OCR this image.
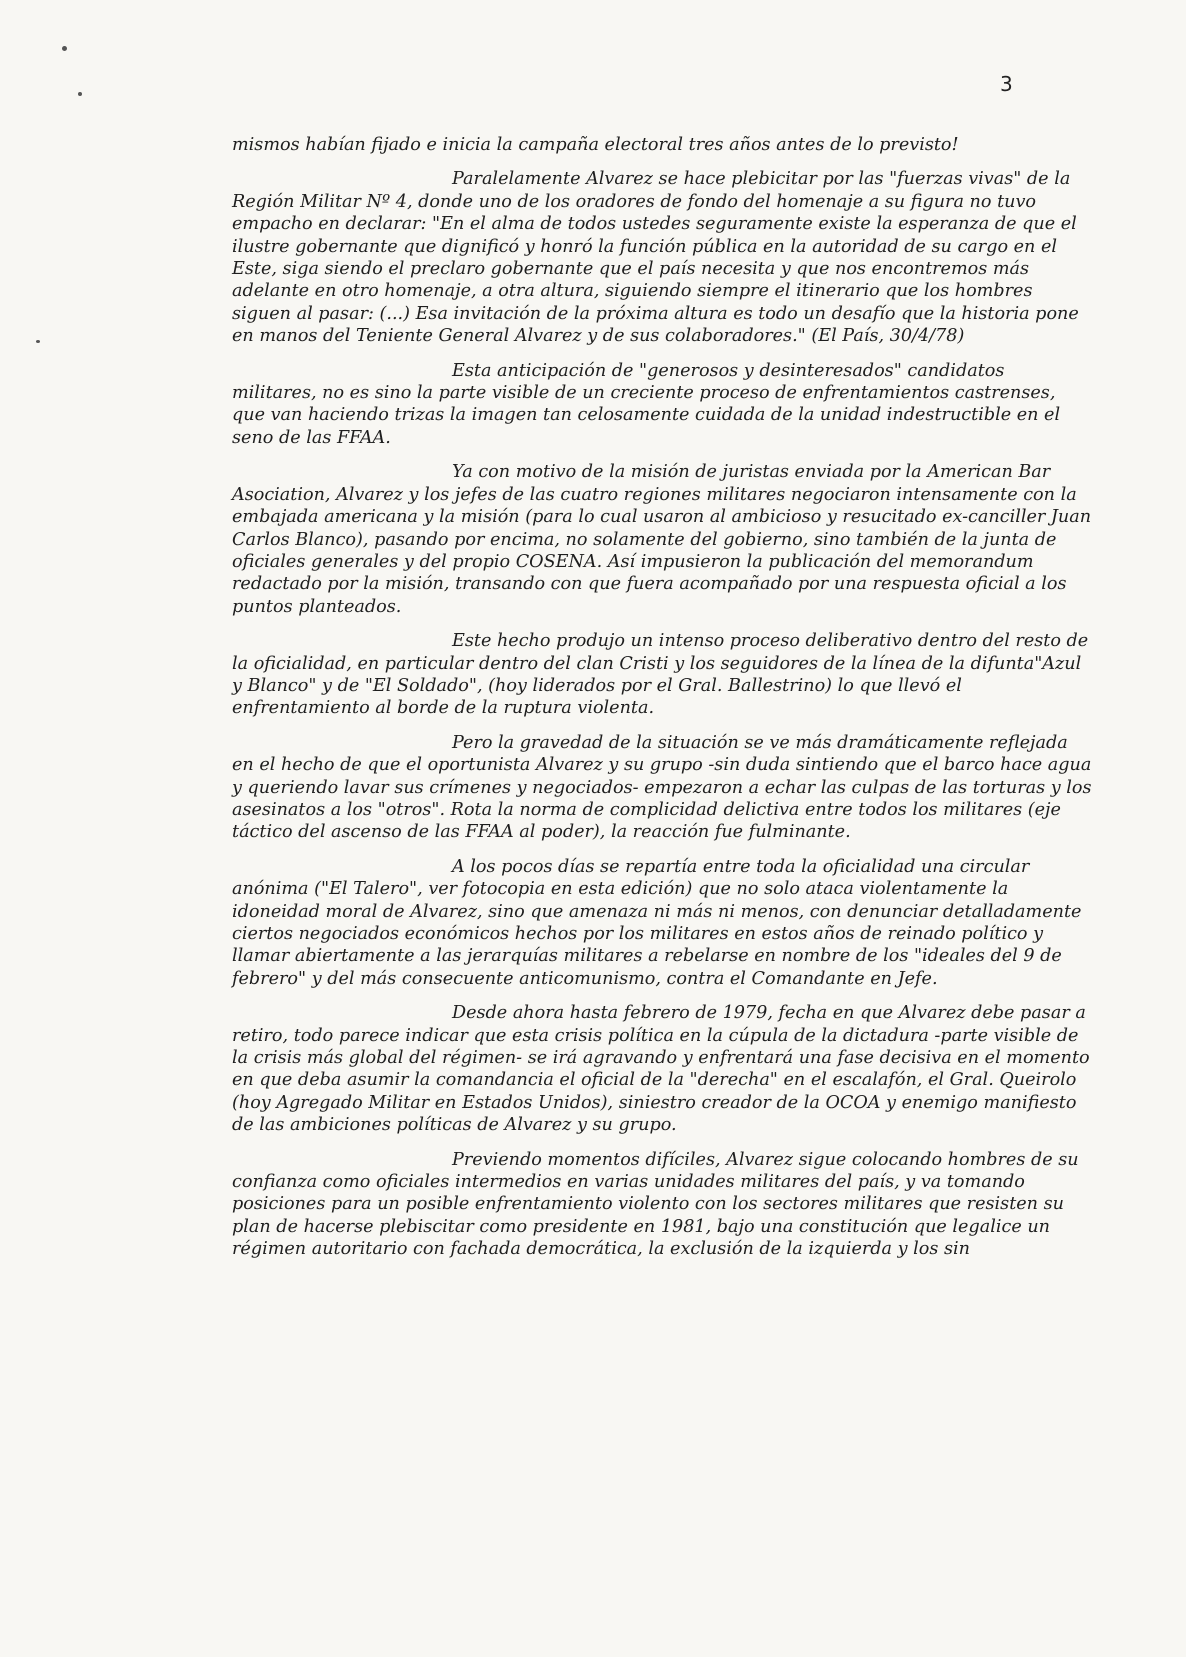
3

mismos habían fijado e inicia la campaña electoral tres años antes de lo previsto!

Paralelamente Alvarez se hace plebicitar por las "fuerzas vivas" de la Región Militar Nº 4, donde uno de los oradores de fondo del homenaje a su figura no tuvo empacho en declarar: "En el alma de todos ustedes seguramente existe la esperanza de que el ilustre gobernante que dignificó y honró la función pública en la autoridad de su cargo en el Este, siga siendo el preclaro gobernante que el país necesita y que nos encontremos más adelante en otro homenaje, a otra altura, siguiendo siempre el itinerario que los hombres siguen al pasar: (...) Esa invitación de la próxima altura es todo un desafío que la historia pone en manos del Teniente General Alvarez y de sus colaboradores." (El País, 30/4/78)

Esta anticipación de "generosos y desinteresados" candidatos militares, no es sino la parte visible de un creciente proceso de enfrentamientos castrenses, que van haciendo trizas la imagen tan celosamente cuidada de la unidad indestructible en el seno de las FFAA.

Ya con motivo de la misión de juristas enviada por la American Bar Asociation, Alvarez y los jefes de las cuatro regiones militares negociaron intensamente con la embajada americana y la misión (para lo cual usaron al ambicioso y resucitado ex-canciller Juan Carlos Blanco), pasando por encima, no solamente del gobierno, sino también de la junta de oficiales generales y del propio COSENA. Así impusieron la publicación del memorandum redactado por la misión, transando con que fuera acompañado por una respuesta oficial a los puntos planteados.

Este hecho produjo un intenso proceso deliberativo dentro del resto de la oficialidad, en particular dentro del clan Cristi y los seguidores de la línea de la difunta"Azul y Blanco" y de "El Soldado", (hoy liderados por el Gral. Ballestrino) lo que llevó el enfrentamiento al borde de la ruptura violenta.

Pero la gravedad de la situación se ve más dramáticamente reflejada en el hecho de que el oportunista Alvarez y su grupo -sin duda sintiendo que el barco hace agua y queriendo lavar sus crímenes y negociados- empezaron a echar las culpas de las torturas y los asesinatos a los "otros". Rota la norma de complicidad delictiva entre todos los militares (eje táctico del ascenso de las FFAA al poder), la reacción fue fulminante.

A los pocos días se repartía entre toda la oficialidad una circular anónima ("El Talero", ver fotocopia en esta edición) que no solo ataca violentamente la idoneidad moral de Alvarez, sino que amenaza ni más ni menos, con denunciar detalladamente ciertos negociados económicos hechos por los militares en estos años de reinado político y llamar abiertamente a las jerarquías militares a rebelarse en nombre de los "ideales del 9 de febrero" y del más consecuente anticomunismo, contra el Comandante en Jefe.

Desde ahora hasta febrero de 1979, fecha en que Alvarez debe pasar a retiro, todo parece indicar que esta crisis política en la cúpula de la dictadura -parte visible de la crisis más global del régimen- se irá agravando y enfrentará una fase decisiva en el momento en que deba asumir la comandancia el oficial de la "derecha" en el escalafón, el Gral. Queirolo (hoy Agregado Militar en Estados Unidos), siniestro creador de la OCOA y enemigo manifiesto de las ambiciones políticas de Alvarez y su grupo.

Previendo momentos difíciles, Alvarez sigue colocando hombres de su confianza como oficiales intermedios en varias unidades militares del país, y va tomando posiciones para un posible enfrentamiento violento con los sectores militares que resisten su plan de hacerse plebiscitar como presidente en 1981, bajo una constitución que legalice un régimen autoritario con fachada democrática, la exclusión de la izquierda y los sin
